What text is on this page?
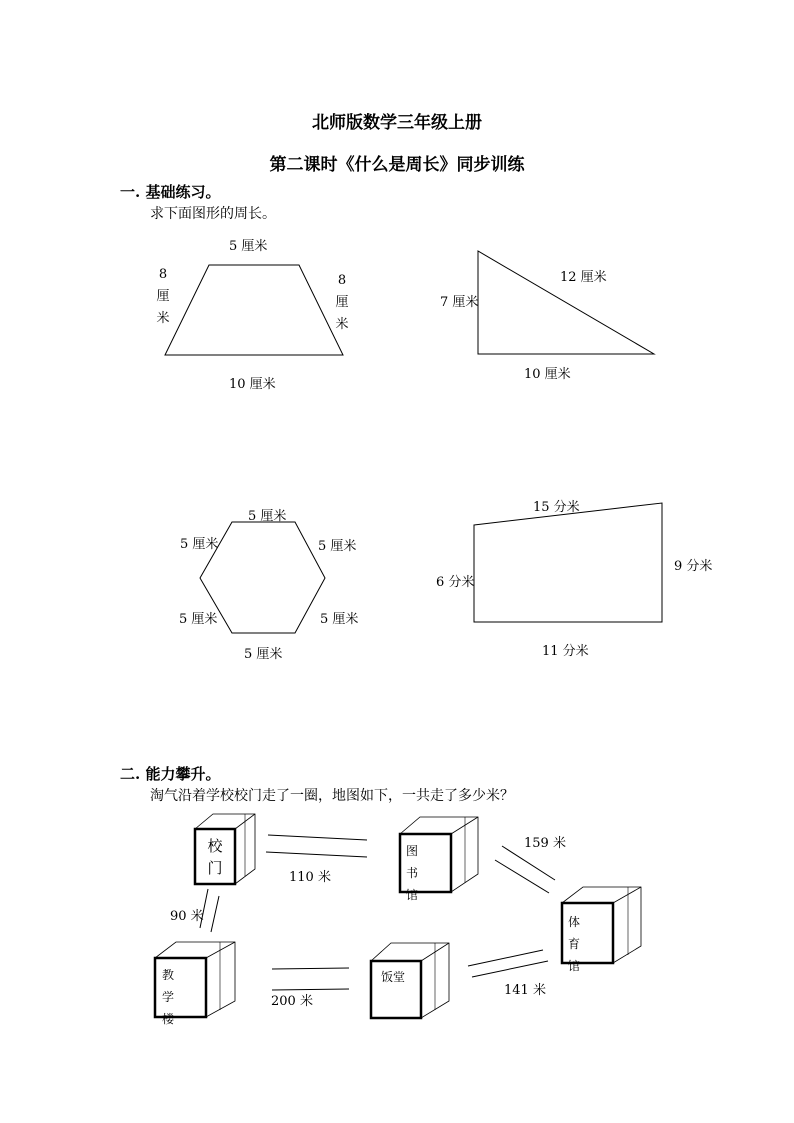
北师版数学三年级上册
第二课时《什么是周长》同步训练
一. 基础练习。
求下面图形的周长。
5 厘米
10 厘米
8厘米
8厘米
7 厘米
12 厘米
10 厘米
5 厘米
5 厘米	5 厘米
5 厘米	5 厘米
5 厘米
15 分米
6 分米
9 分米
11 分米
二. 能力攀升。
淘气沿着学校校门走了一圈，地图如下，一共走了多少米？
校门
图书馆
体育馆
教学楼
饭堂
110 米
159 米
90 米
200 米
141 米
